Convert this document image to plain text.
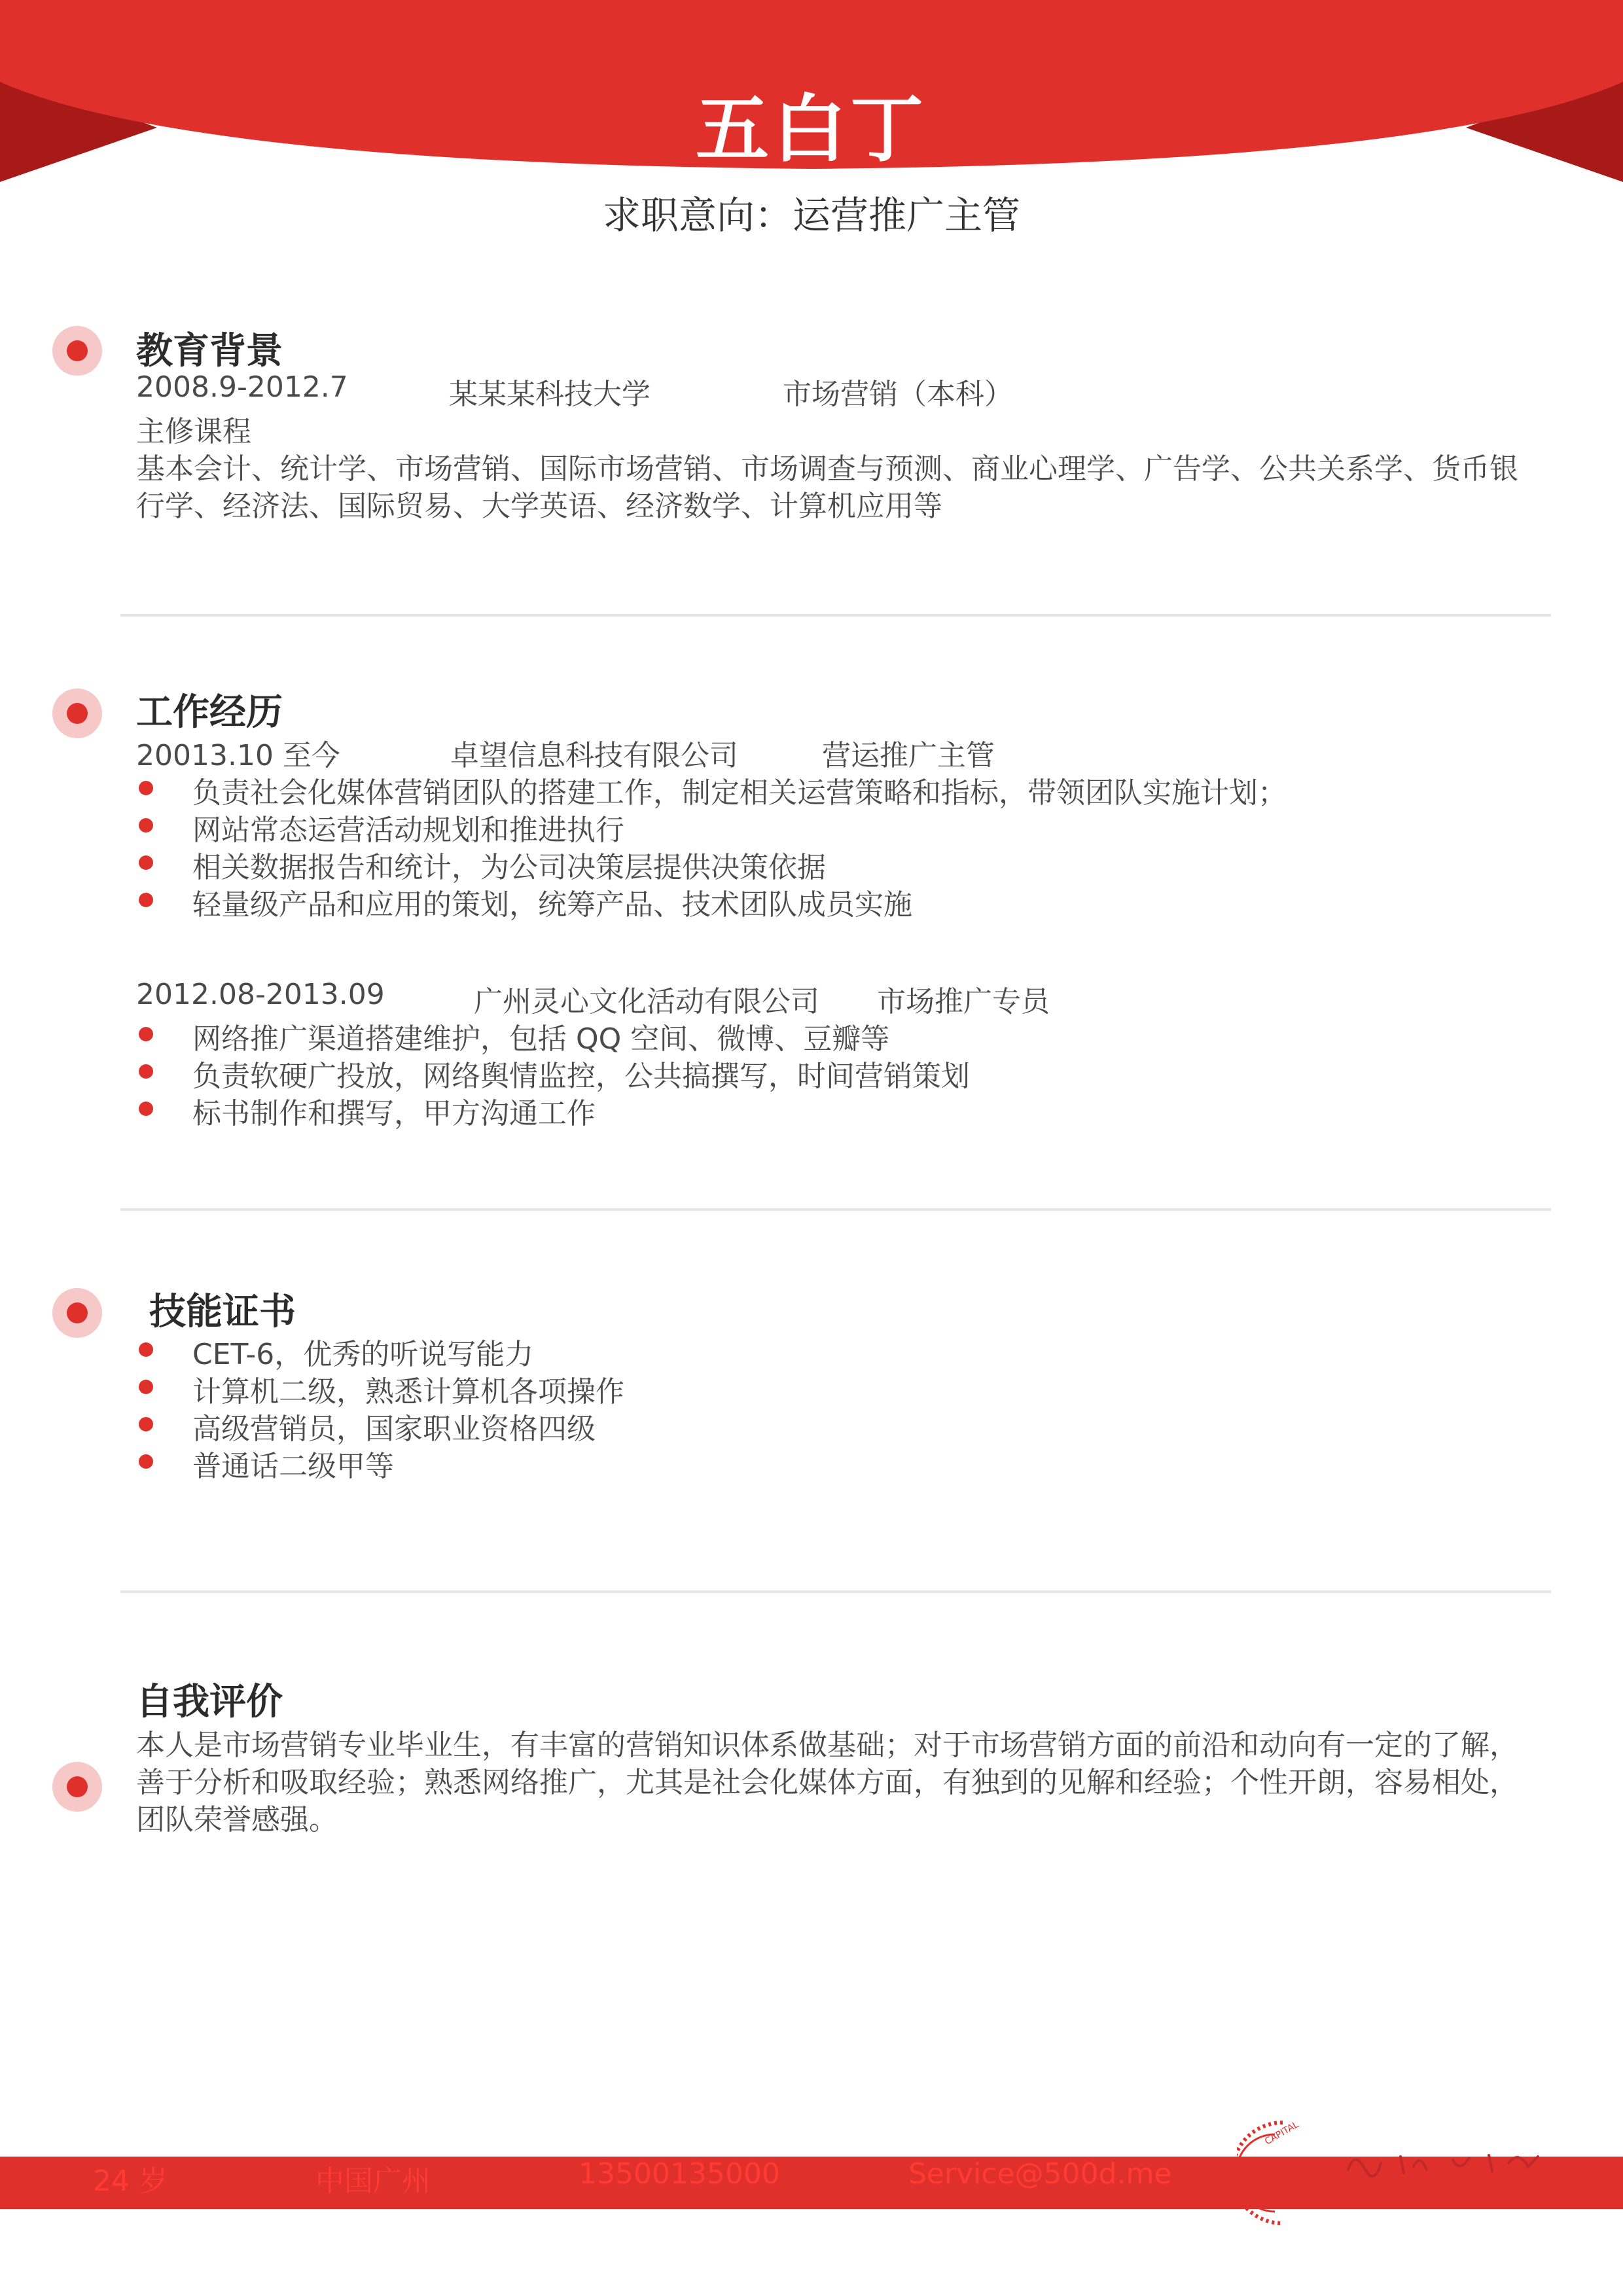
五白丁
求职意向：运营推广主管
教育背景
2008.9-2012.7	某某某科技大学	市场营销（本科）
主修课程
基本会计、统计学、市场营销、国际市场营销、市场调查与预测、商业心理学、广告学、公共关系学、货币银
行学、经济法、国际贸易、大学英语、经济数学、计算机应用等
工作经历
20013.10 至今	卓望信息科技有限公司	营运推广主管
负责社会化媒体营销团队的搭建工作，制定相关运营策略和指标，带领团队实施计划；
网站常态运营活动规划和推进执行
相关数据报告和统计，为公司决策层提供决策依据
轻量级产品和应用的策划，统筹产品、技术团队成员实施
2012.08-2013.09	广州灵心文化活动有限公司 市场推广专员
网络推广渠道搭建维护，包括 QQ 空间、微博、豆瓣等
负责软硬广投放，网络舆情监控，公共搞撰写，时间营销策划
标书制作和撰写，甲方沟通工作
技能证书
CET-6，优秀的听说写能力
计算机二级，熟悉计算机各项操作
高级营销员，国家职业资格四级
普通话二级甲等
自我评价
本人是市场营销专业毕业生，有丰富的营销知识体系做基础；对于市场营销方面的前沿和动向有一定的了解，
善于分析和吸取经验；熟悉网络推广，尤其是社会化媒体方面，有独到的见解和经验；个性开朗，容易相处，
团队荣誉感强。
24 岁	中国广州	13500135000	Service@500d.me
CAPITAL
